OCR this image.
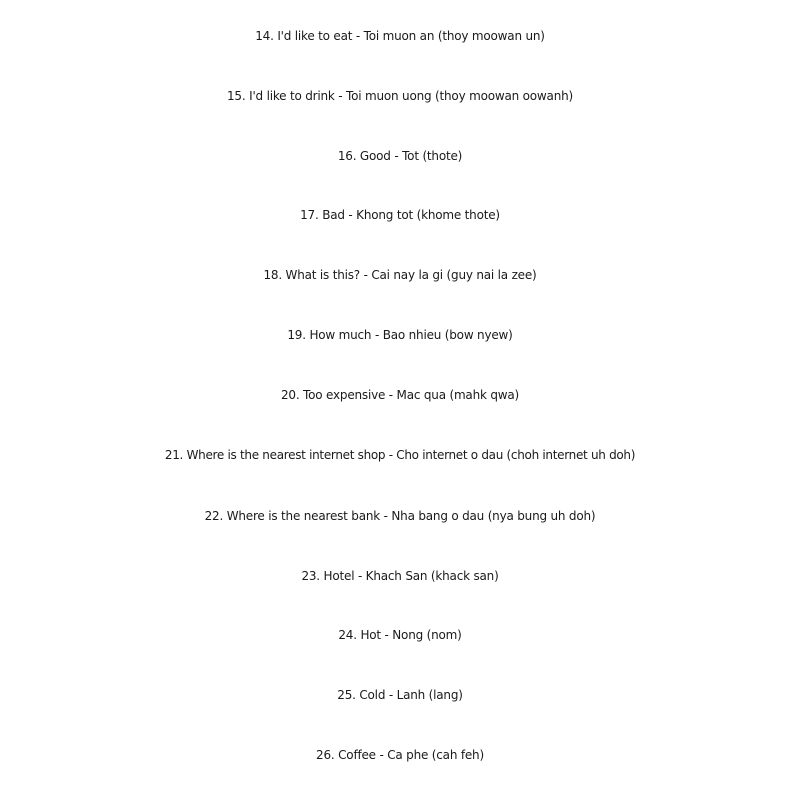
14. I'd like to eat - Toi muon an (thoy moowan un)
15. I'd like to drink - Toi muon uong (thoy moowan oowanh)
16. Good - Tot (thote)
17. Bad - Khong tot (khome thote)
18. What is this? - Cai nay la gi (guy nai la zee)
19. How much - Bao nhieu (bow nyew)
20. Too expensive - Mac qua (mahk qwa)
21. Where is the nearest internet shop - Cho internet o dau (choh internet uh doh)
22. Where is the nearest bank - Nha bang o dau (nya bung uh doh)
23. Hotel - Khach San (khack san)
24. Hot - Nong (nom)
25. Cold - Lanh (lang)
26. Coffee - Ca phe (cah feh)
